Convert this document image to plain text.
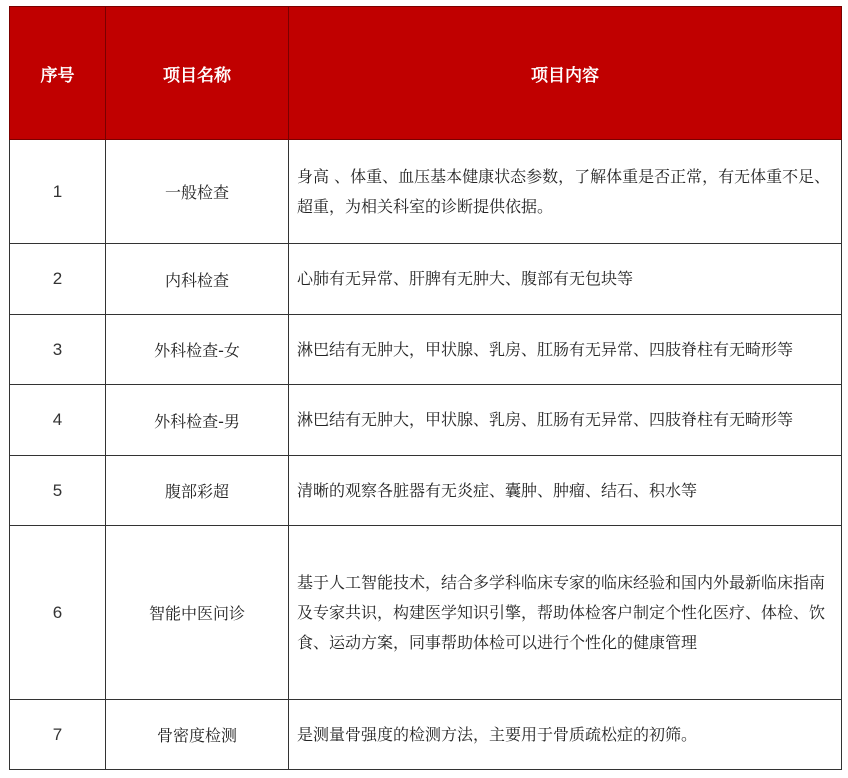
序号	项目名称	项目内容
1	一般检查	身高 、体重、血压基本健康状态参数，了解体重是否正常，有无体重不足、超重，为相关科室的诊断提供依据。
2	内科检查	心肺有无异常、肝脾有无肿大、腹部有无包块等
3	外科检查-女	淋巴结有无肿大，甲状腺、乳房、肛肠有无异常、四肢脊柱有无畸形等
4	外科检查-男	淋巴结有无肿大，甲状腺、乳房、肛肠有无异常、四肢脊柱有无畸形等
5	腹部彩超	清晰的观察各脏器有无炎症、囊肿、肿瘤、结石、积水等
6	智能中医问诊	基于人工智能技术，结合多学科临床专家的临床经验和国内外最新临床指南及专家共识，构建医学知识引擎，帮助体检客户制定个性化医疗、体检、饮食、运动方案，同事帮助体检可以进行个性化的健康管理
7	骨密度检测	是测量骨强度的检测方法，主要用于骨质疏松症的初筛。
